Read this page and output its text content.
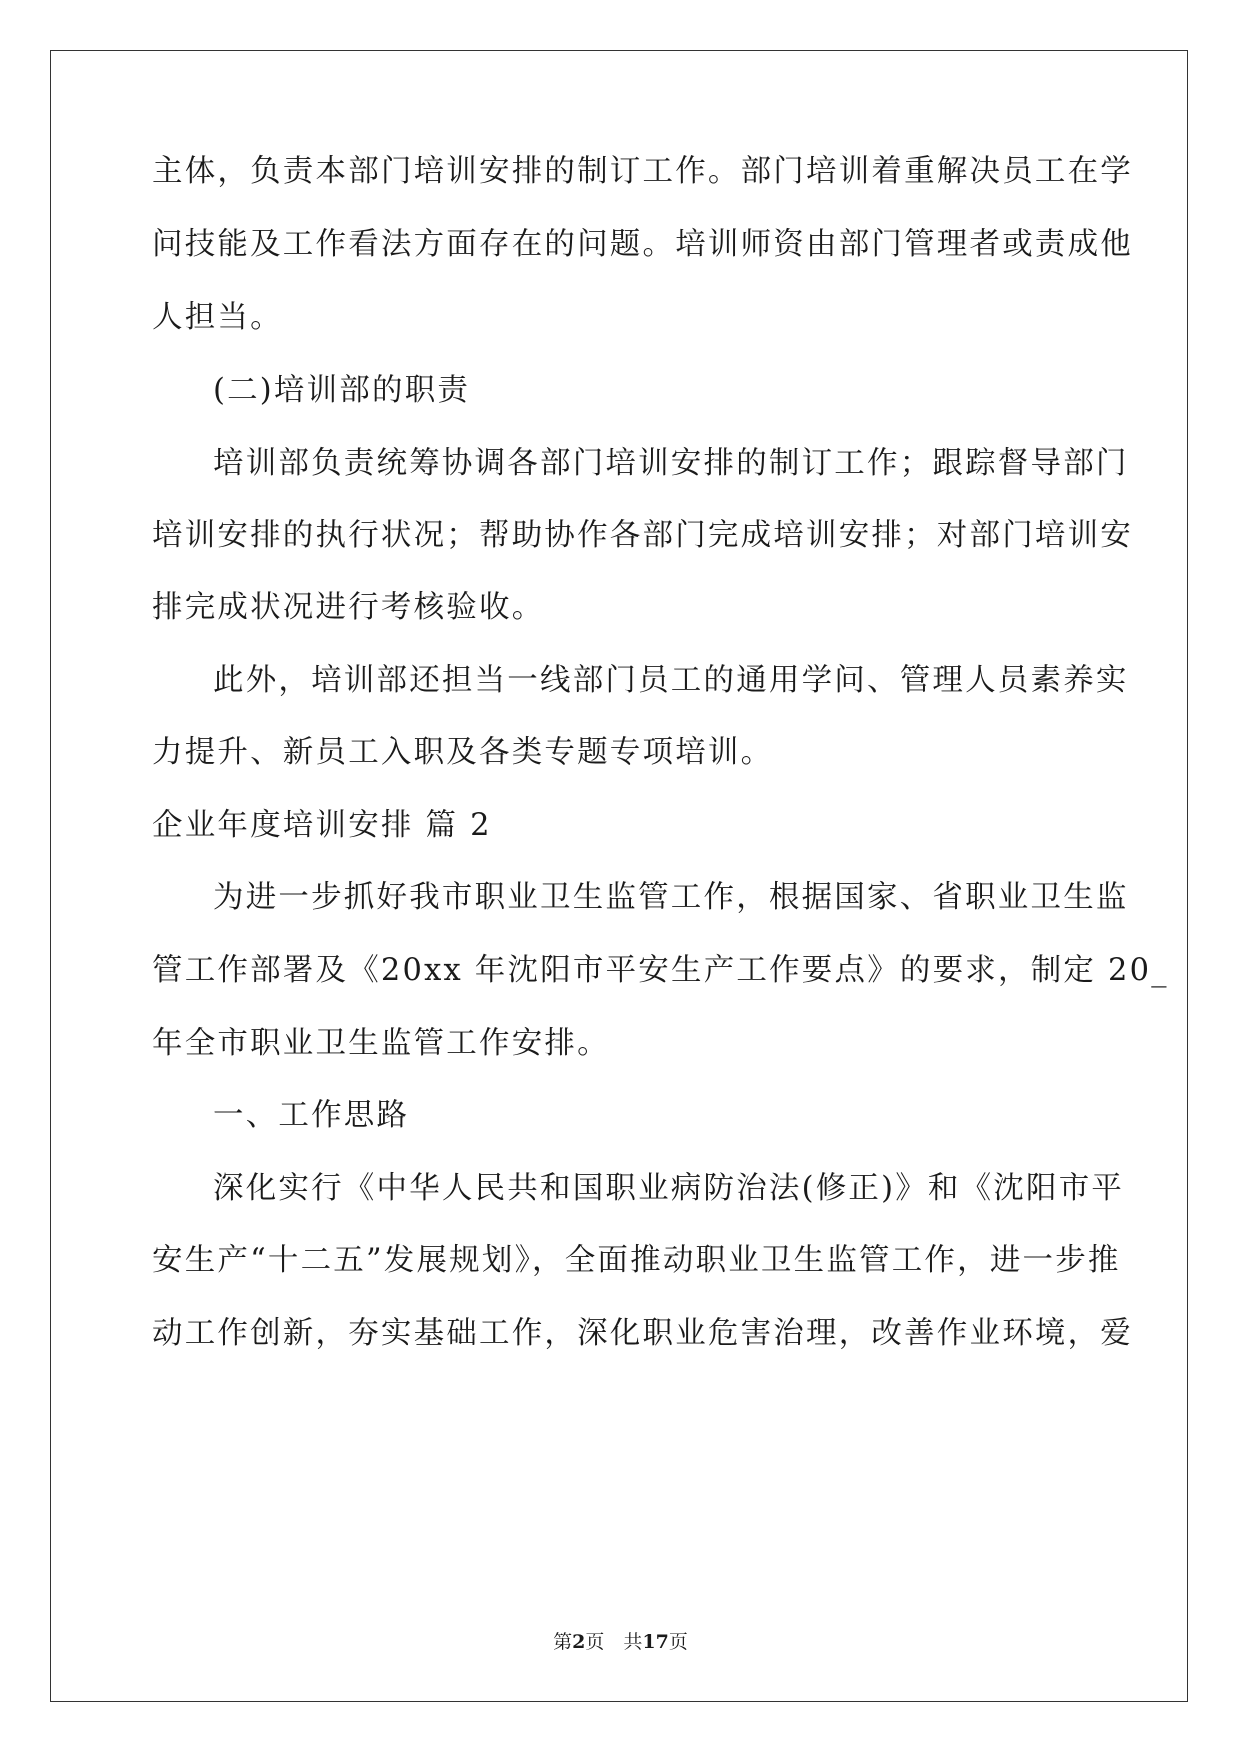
主体，负责本部门培训安排的制订工作。部门培训着重解决员工在学
问技能及工作看法方面存在的问题。培训师资由部门管理者或责成他
人担当。
(二)培训部的职责
培训部负责统筹协调各部门培训安排的制订工作；跟踪督导部门
培训安排的执行状况；帮助协作各部门完成培训安排；对部门培训安
排完成状况进行考核验收。
此外，培训部还担当一线部门员工的通用学问、管理人员素养实
力提升、新员工入职及各类专题专项培训。
企业年度培训安排 篇 2
为进一步抓好我市职业卫生监管工作，根据国家、省职业卫生监
管工作部署及《20xx 年沈阳市平安生产工作要点》的要求，制定 20_
年全市职业卫生监管工作安排。
一、工作思路
深化实行《中华人民共和国职业病防治法(修正)》和《沈阳市平
安生产“十二五”发展规划》，全面推动职业卫生监管工作，进一步推
动工作创新，夯实基础工作，深化职业危害治理，改善作业环境，爱
第2页　共17页
